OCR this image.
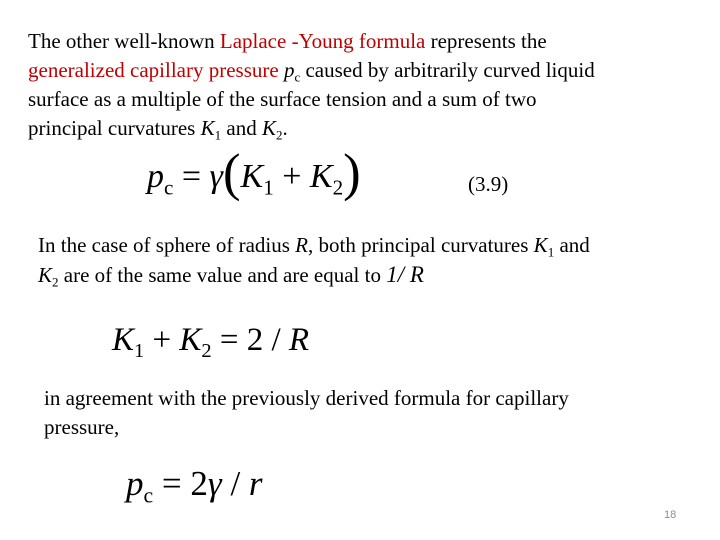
The other well-known Laplace -Young formula represents the
generalized capillary pressure $p_c$ caused by arbitrarily curved liquid
surface as a multiple of the surface tension and a sum of two
principal curvatures $K_1$ and $K_2$.
$p_c = \gamma(K_1 + K_2)$	(3.9)
In the case of sphere of radius R, both principal curvatures $K_1$ and
$K_2$ are of the same value and are equal to 1/ R
$K_1 + K_2 = 2 / R$
in agreement with the previously derived formula for capillary
pressure,
$p_c = 2\gamma / r$
18
